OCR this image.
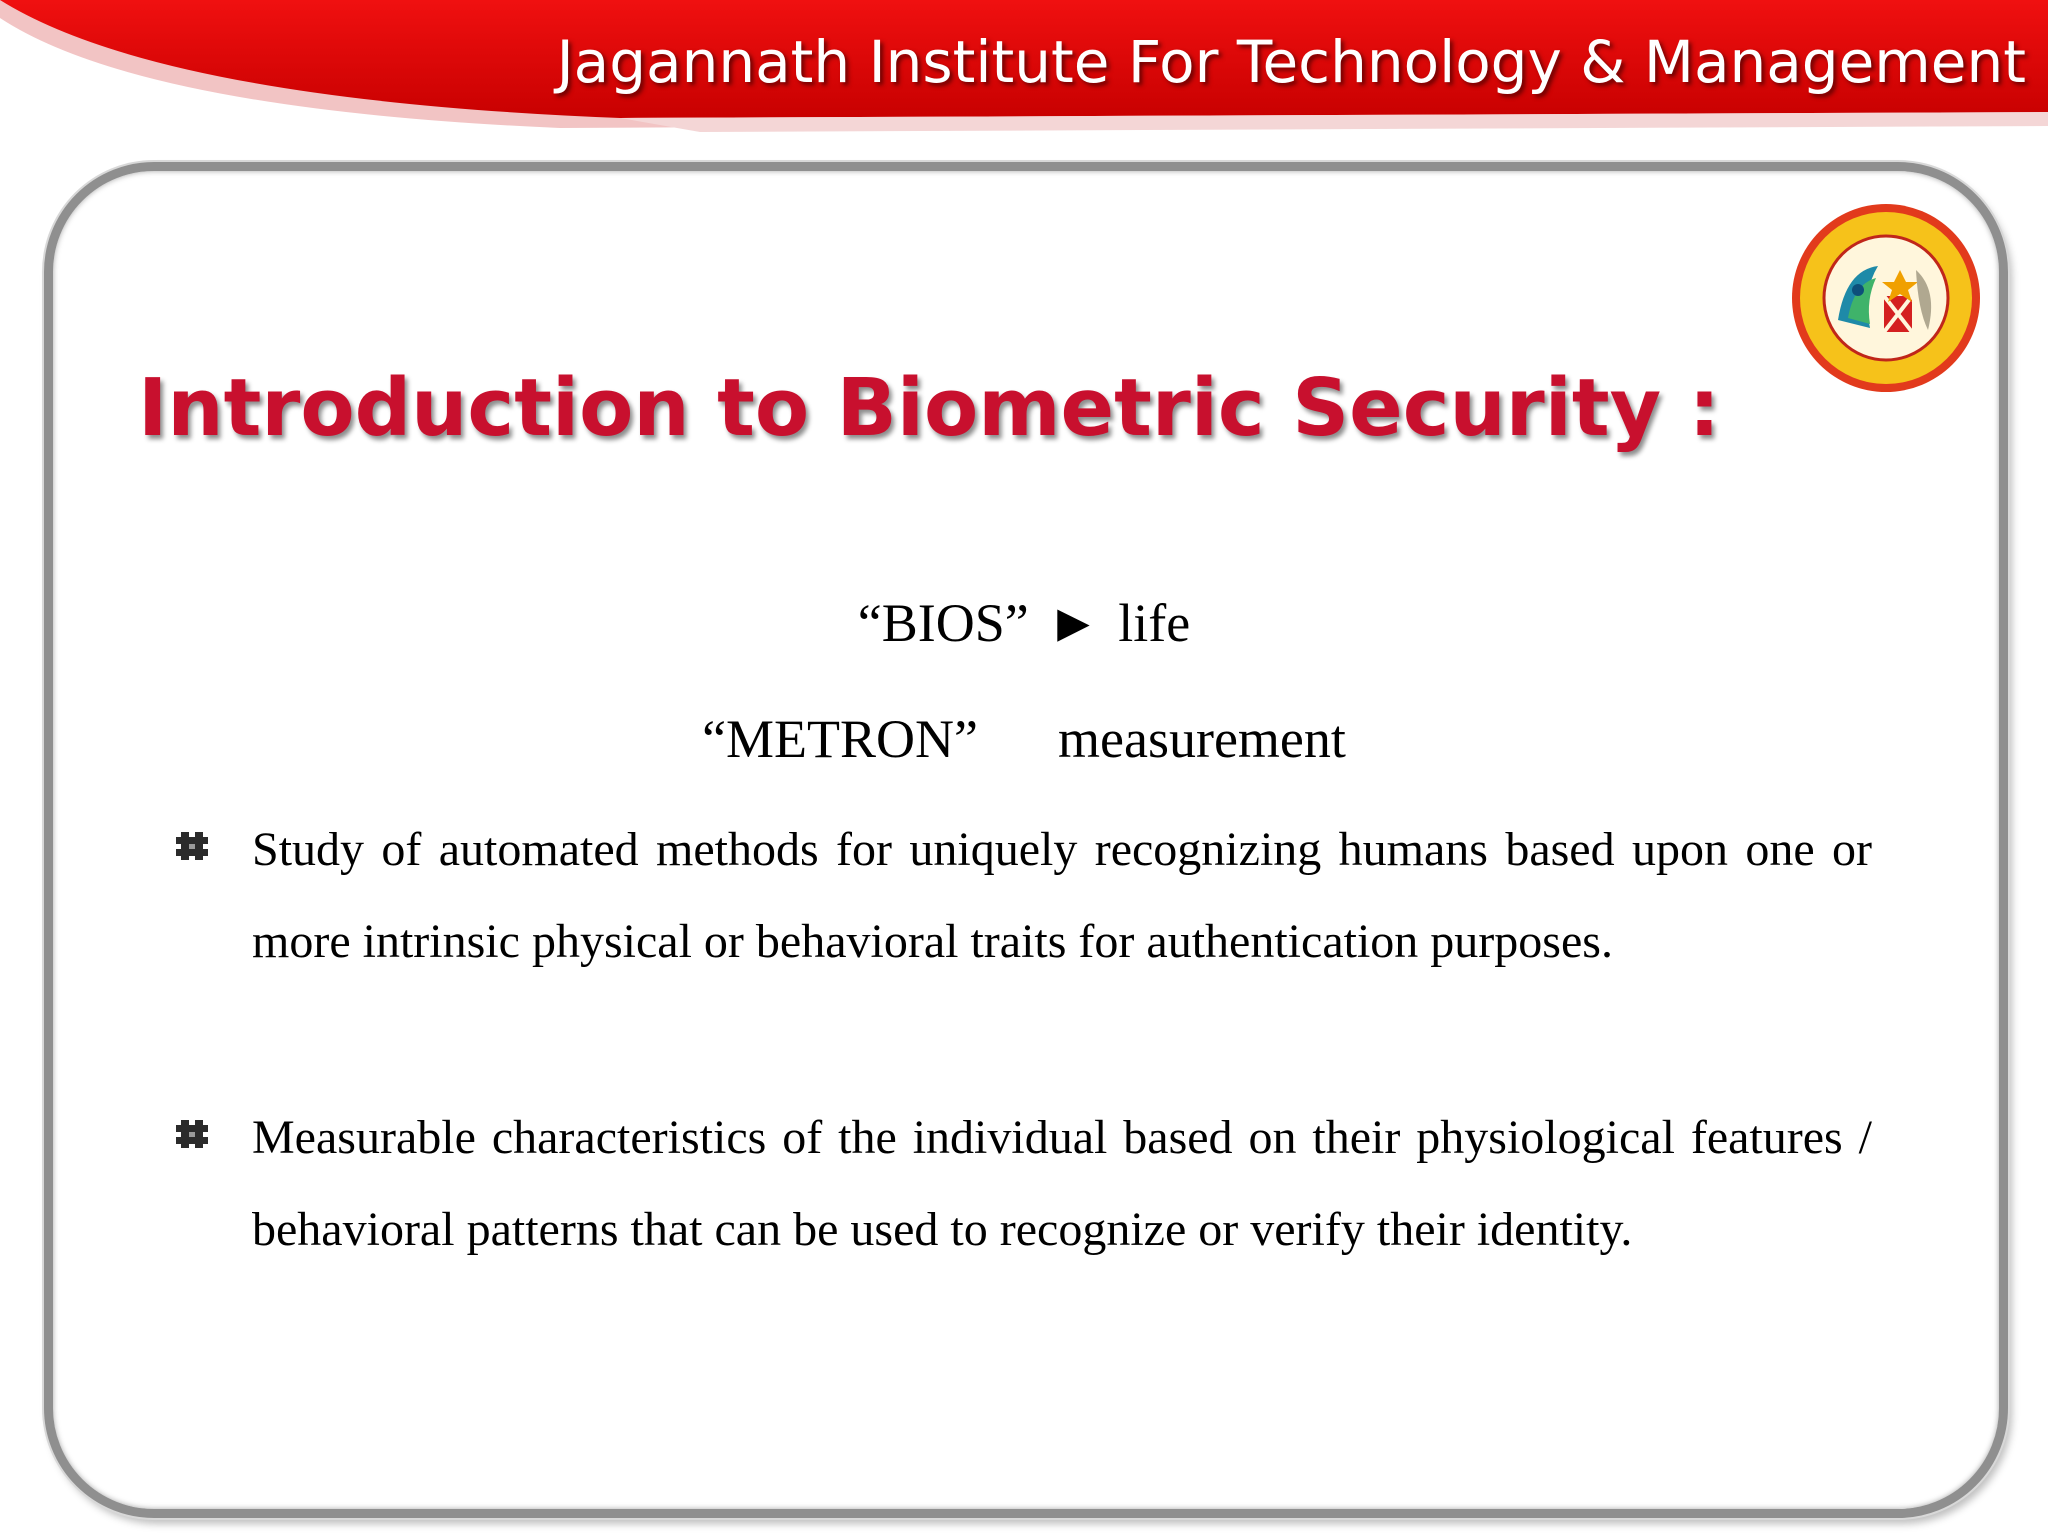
Jagannath Institute For Technology & Management
Introduction to Biometric Security :
“BIOS” ► life
“METRON” measurement
Study of automated methods for uniquely recognizing humans based upon one or more intrinsic physical or behavioral traits for authentication purposes.
Measurable characteristics of the individual based on their physiological features / behavioral patterns that can be used to recognize or verify their identity.
